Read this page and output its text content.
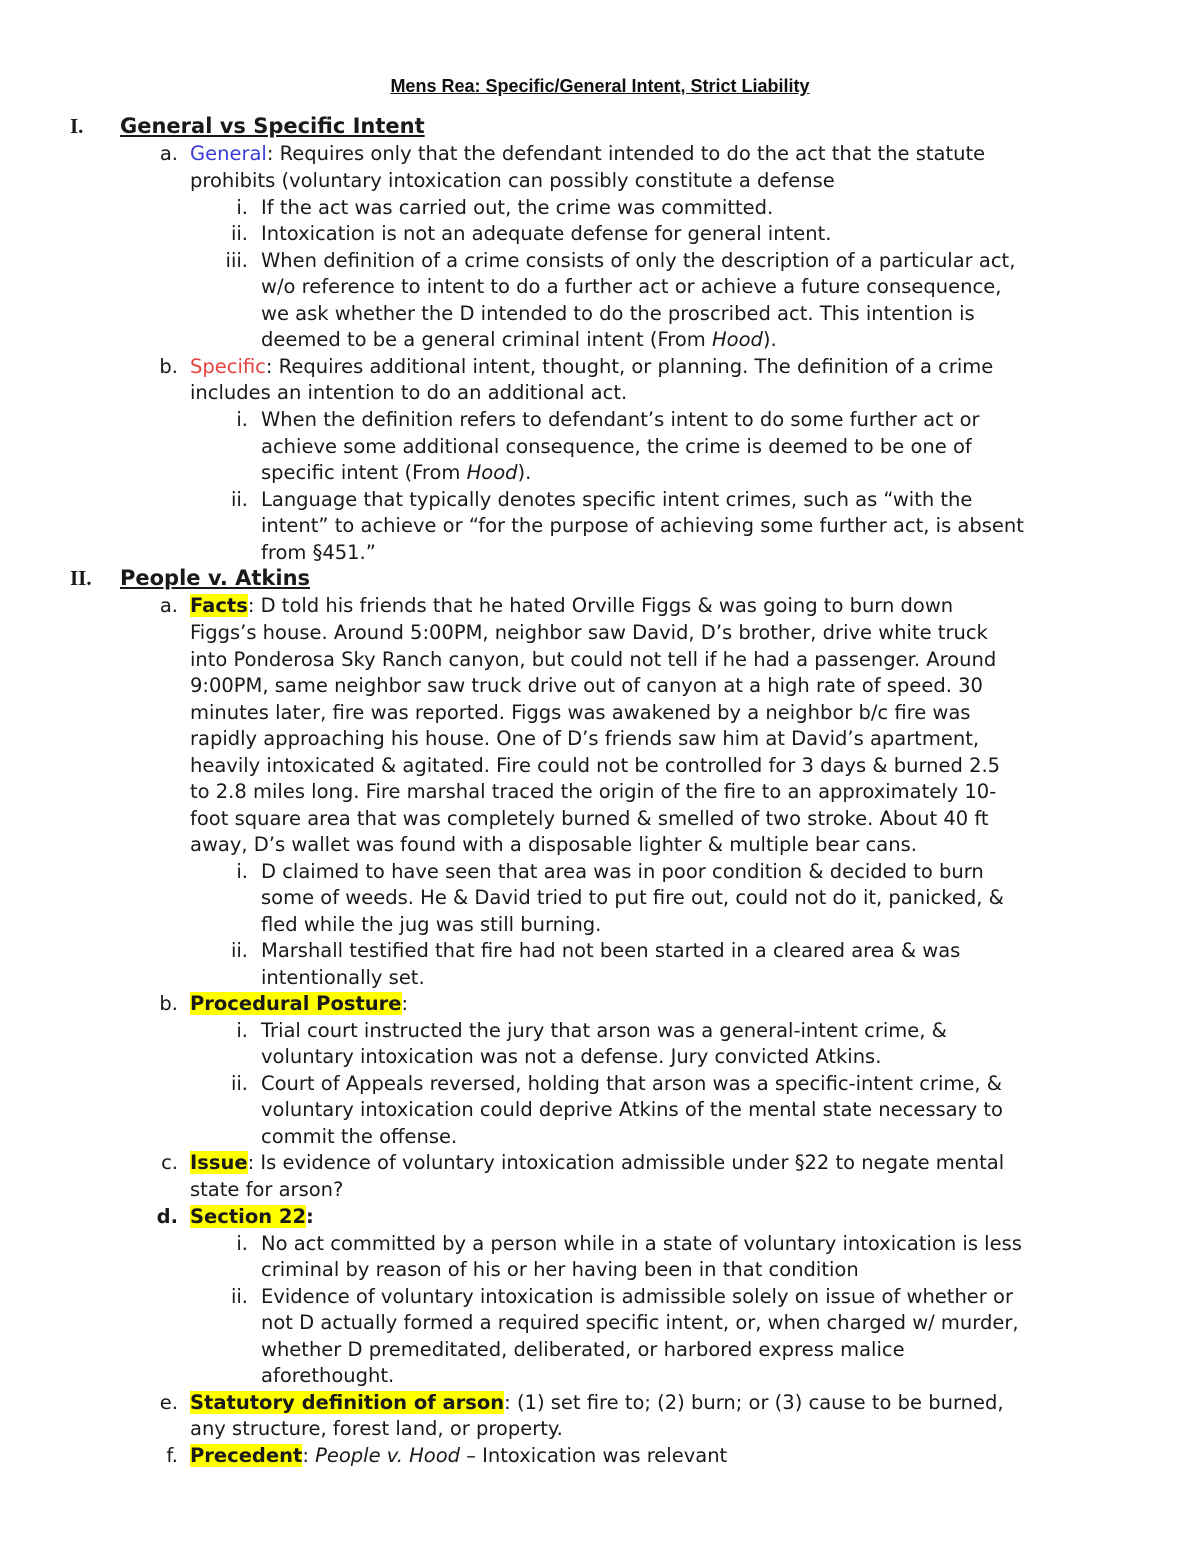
Mens Rea: Specific/General Intent, Strict Liability
I. General vs Specific Intent
a. General: Requires only that the defendant intended to do the act that the statute
prohibits (voluntary intoxication can possibly constitute a defense
i. If the act was carried out, the crime was committed.
ii. Intoxication is not an adequate defense for general intent.
iii. When definition of a crime consists of only the description of a particular act,
w/o reference to intent to do a further act or achieve a future consequence,
we ask whether the D intended to do the proscribed act. This intention is
deemed to be a general criminal intent (From Hood).
b. Specific: Requires additional intent, thought, or planning. The definition of a crime
includes an intention to do an additional act.
i. When the definition refers to defendant’s intent to do some further act or
achieve some additional consequence, the crime is deemed to be one of
specific intent (From Hood).
ii. Language that typically denotes specific intent crimes, such as “with the
intent” to achieve or “for the purpose of achieving some further act, is absent
from §451.”
II. People v. Atkins
a. Facts: D told his friends that he hated Orville Figgs & was going to burn down
Figgs’s house. Around 5:00PM, neighbor saw David, D’s brother, drive white truck
into Ponderosa Sky Ranch canyon, but could not tell if he had a passenger. Around
9:00PM, same neighbor saw truck drive out of canyon at a high rate of speed. 30
minutes later, fire was reported. Figgs was awakened by a neighbor b/c fire was
rapidly approaching his house. One of D’s friends saw him at David’s apartment,
heavily intoxicated & agitated. Fire could not be controlled for 3 days & burned 2.5
to 2.8 miles long. Fire marshal traced the origin of the fire to an approximately 10-
foot square area that was completely burned & smelled of two stroke. About 40 ft
away, D’s wallet was found with a disposable lighter & multiple bear cans.
i. D claimed to have seen that area was in poor condition & decided to burn
some of weeds. He & David tried to put fire out, could not do it, panicked, &
fled while the jug was still burning.
ii. Marshall testified that fire had not been started in a cleared area & was
intentionally set.
b. Procedural Posture:
i. Trial court instructed the jury that arson was a general-intent crime, &
voluntary intoxication was not a defense. Jury convicted Atkins.
ii. Court of Appeals reversed, holding that arson was a specific-intent crime, &
voluntary intoxication could deprive Atkins of the mental state necessary to
commit the offense.
c. Issue: Is evidence of voluntary intoxication admissible under §22 to negate mental
state for arson?
d. Section 22:
i. No act committed by a person while in a state of voluntary intoxication is less
criminal by reason of his or her having been in that condition
ii. Evidence of voluntary intoxication is admissible solely on issue of whether or
not D actually formed a required specific intent, or, when charged w/ murder,
whether D premeditated, deliberated, or harbored express malice
aforethought.
e. Statutory definition of arson: (1) set fire to; (2) burn; or (3) cause to be burned,
any structure, forest land, or property.
f. Precedent: People v. Hood – Intoxication was relevant
